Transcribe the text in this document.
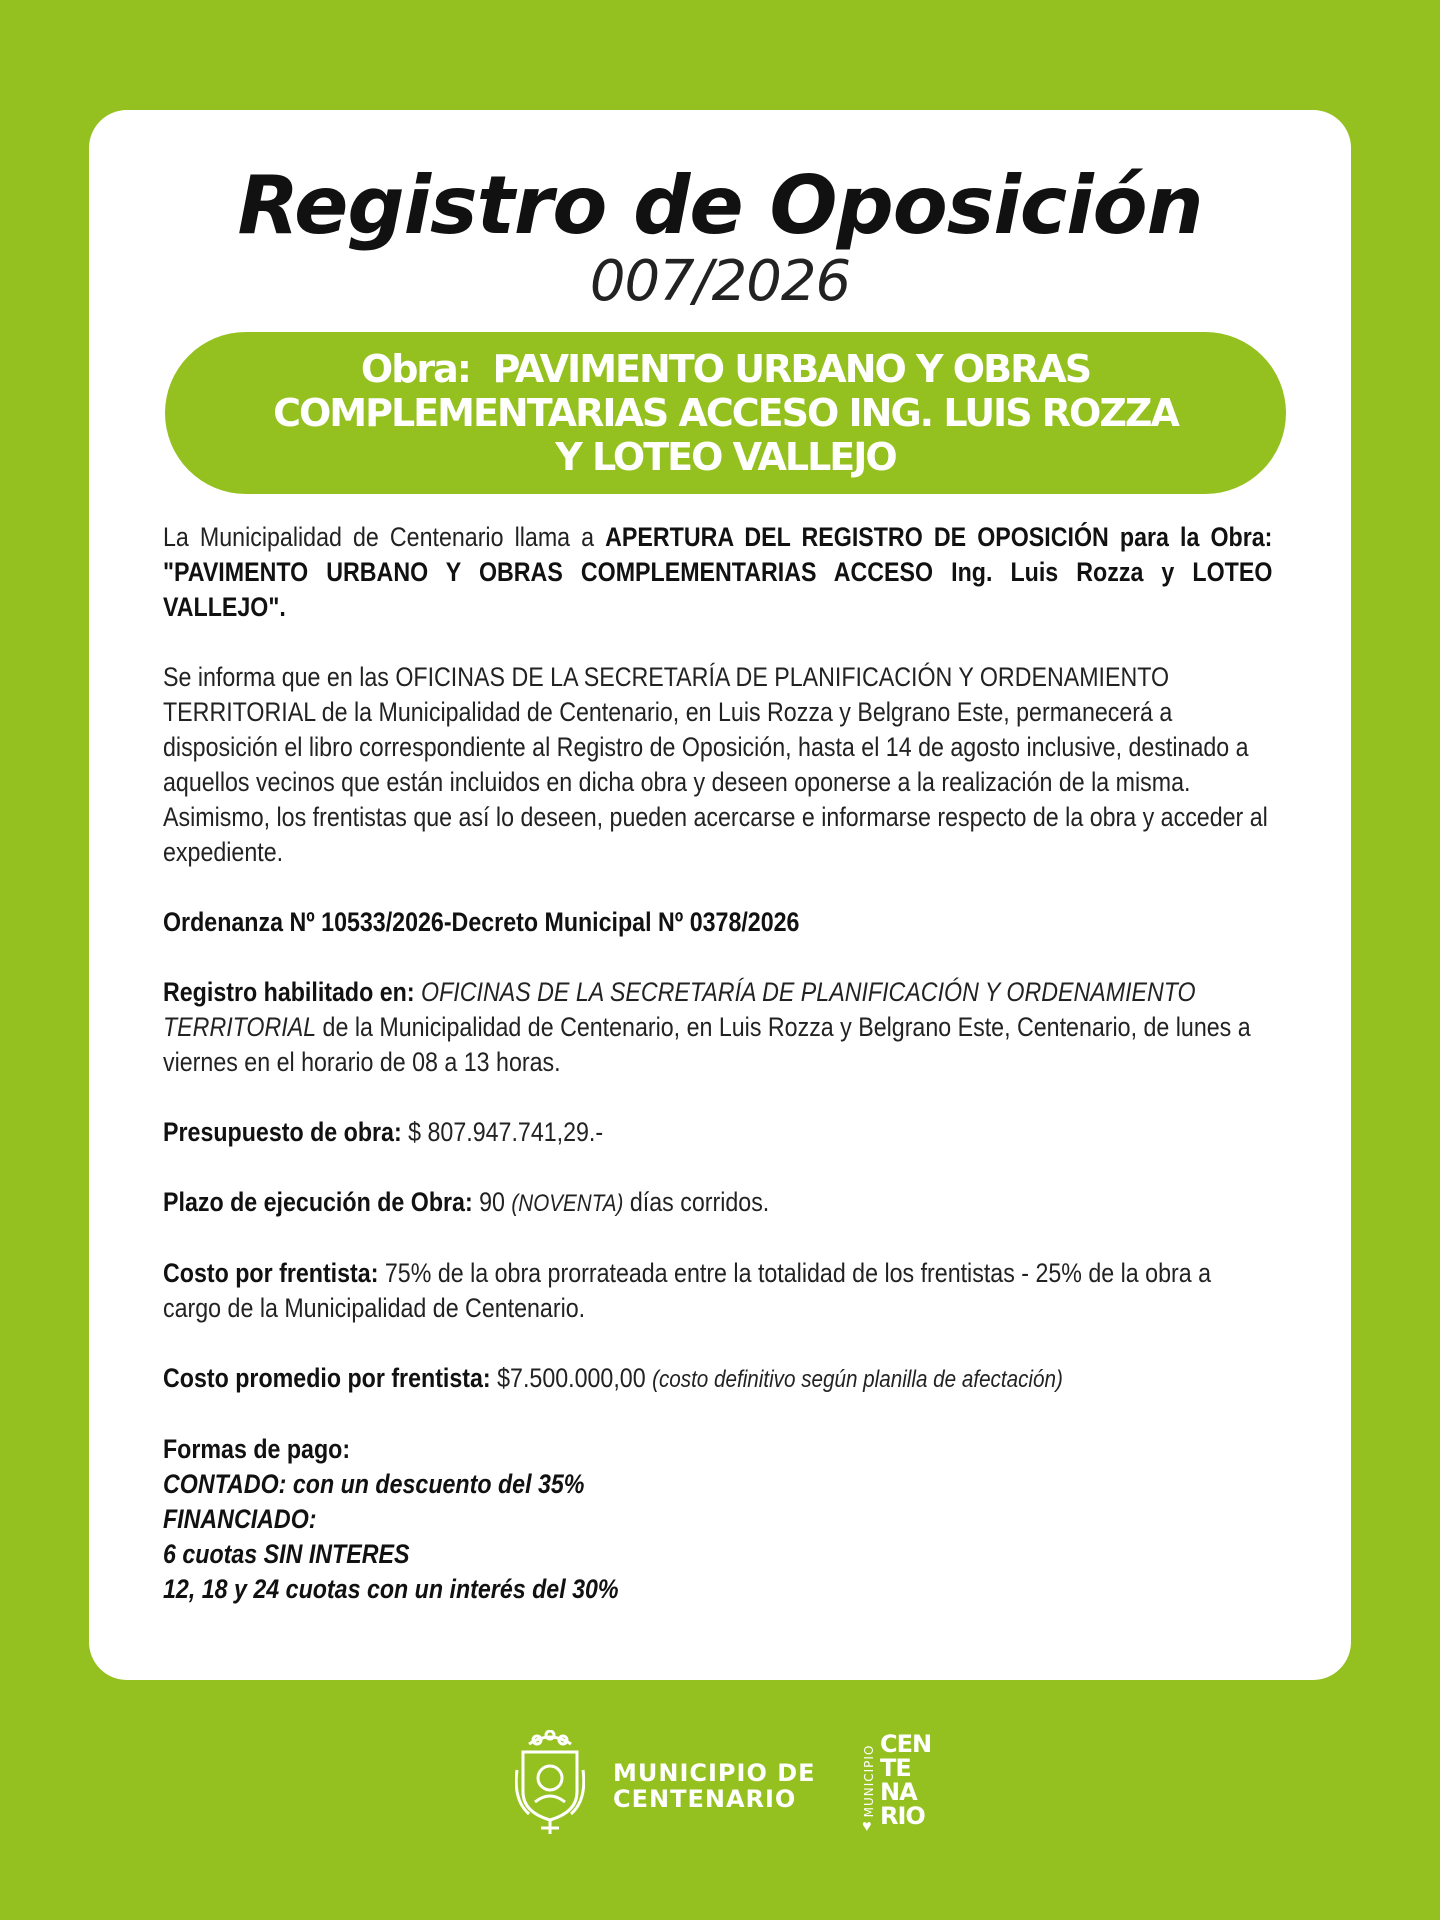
Registro de Oposición
007/2026
Obra: PAVIMENTO URBANO Y OBRAS
COMPLEMENTARIAS ACCESO ING. LUIS ROZZA
Y LOTEO VALLEJO

La Municipalidad de Centenario llama a APERTURA DEL REGISTRO DE OPOSICIÓN para la Obra: "PAVIMENTO URBANO Y OBRAS COMPLEMENTARIAS ACCESO Ing. Luis Rozza y LOTEO VALLEJO".

Se informa que en las OFICINAS DE LA SECRETARÍA DE PLANIFICACIÓN Y ORDENAMIENTO TERRITORIAL de la Municipalidad de Centenario, en Luis Rozza y Belgrano Este, permanecerá a disposición el libro correspondiente al Registro de Oposición, hasta el 14 de agosto inclusive, destinado a aquellos vecinos que están incluidos en dicha obra y deseen oponerse a la realización de la misma. Asimismo, los frentistas que así lo deseen, pueden acercarse e informarse respecto de la obra y acceder al expediente.

Ordenanza Nº 10533/2026-Decreto Municipal Nº 0378/2026

Registro habilitado en: OFICINAS DE LA SECRETARÍA DE PLANIFICACIÓN Y ORDENAMIENTO TERRITORIAL de la Municipalidad de Centenario, en Luis Rozza y Belgrano Este, Centenario, de lunes a viernes en el horario de 08 a 13 horas.

Presupuesto de obra: $ 807.947.741,29.-

Plazo de ejecución de Obra: 90 (NOVENTA) días corridos.

Costo por frentista: 75% de la obra prorrateada entre la totalidad de los frentistas - 25% de la obra a cargo de la Municipalidad de Centenario.

Costo promedio por frentista: $7.500.000,00 (costo definitivo según planilla de afectación)

Formas de pago:
CONTADO: con un descuento del 35%
FINANCIADO:
6 cuotas SIN INTERES
12, 18 y 24 cuotas con un interés del 30%
MUNICIPIO DE
CENTENARIO	MUNICIPIO
CEN
TE
NA
RIO
♥
